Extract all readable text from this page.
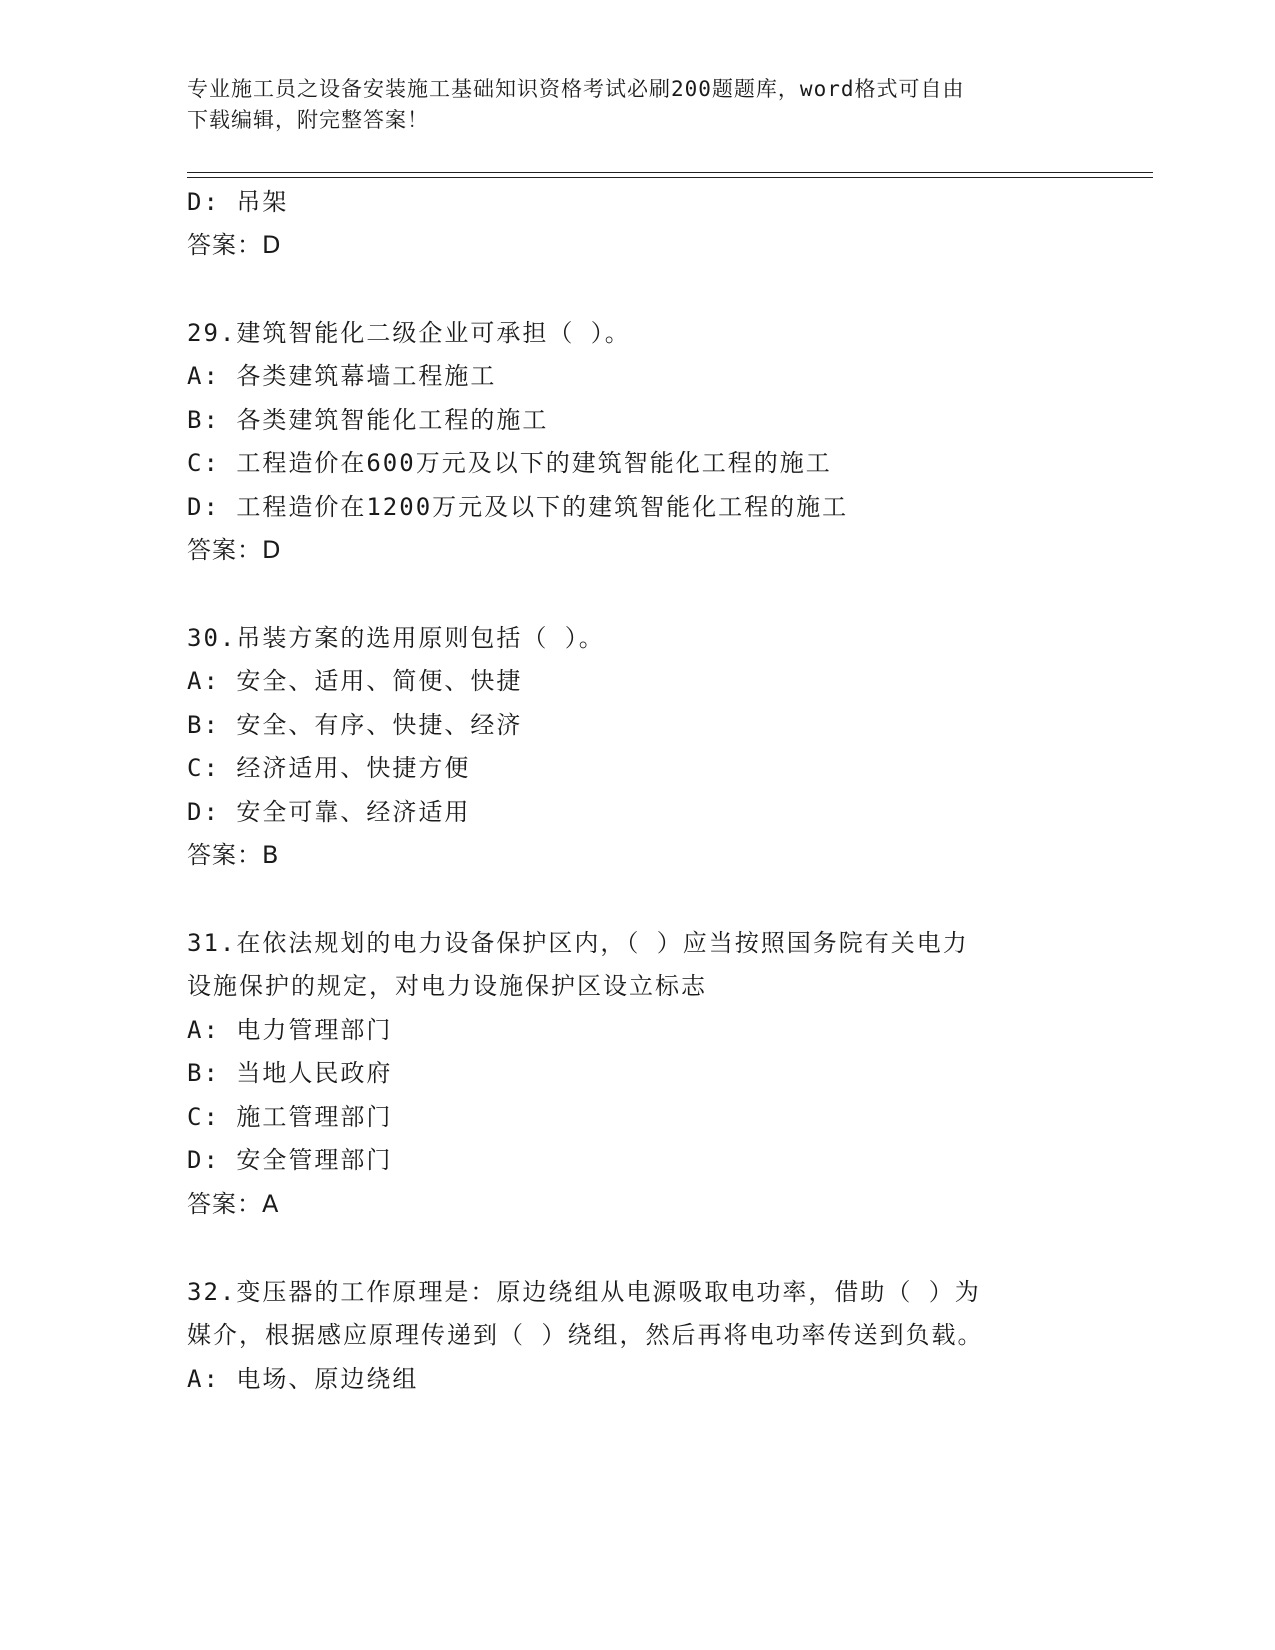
专业施工员之设备安装施工基础知识资格考试必刷200题题库，word格式可自由
下载编辑，附完整答案！
D: 吊架
答案：D
29.建筑智能化二级企业可承担（ ）。
A: 各类建筑幕墙工程施工
B: 各类建筑智能化工程的施工
C: 工程造价在600万元及以下的建筑智能化工程的施工
D: 工程造价在1200万元及以下的建筑智能化工程的施工
答案：D
30.吊装方案的选用原则包括（ ）。
A: 安全、适用、简便、快捷
B: 安全、有序、快捷、经济
C: 经济适用、快捷方便
D: 安全可靠、经济适用
答案：B
31.在依法规划的电力设备保护区内，（ ）应当按照国务院有关电力
设施保护的规定，对电力设施保护区设立标志
A: 电力管理部门
B: 当地人民政府
C: 施工管理部门
D: 安全管理部门
答案：A
32.变压器的工作原理是：原边绕组从电源吸取电功率，借助（ ）为
媒介，根据感应原理传递到（ ）绕组，然后再将电功率传送到负载。
A: 电场、原边绕组
